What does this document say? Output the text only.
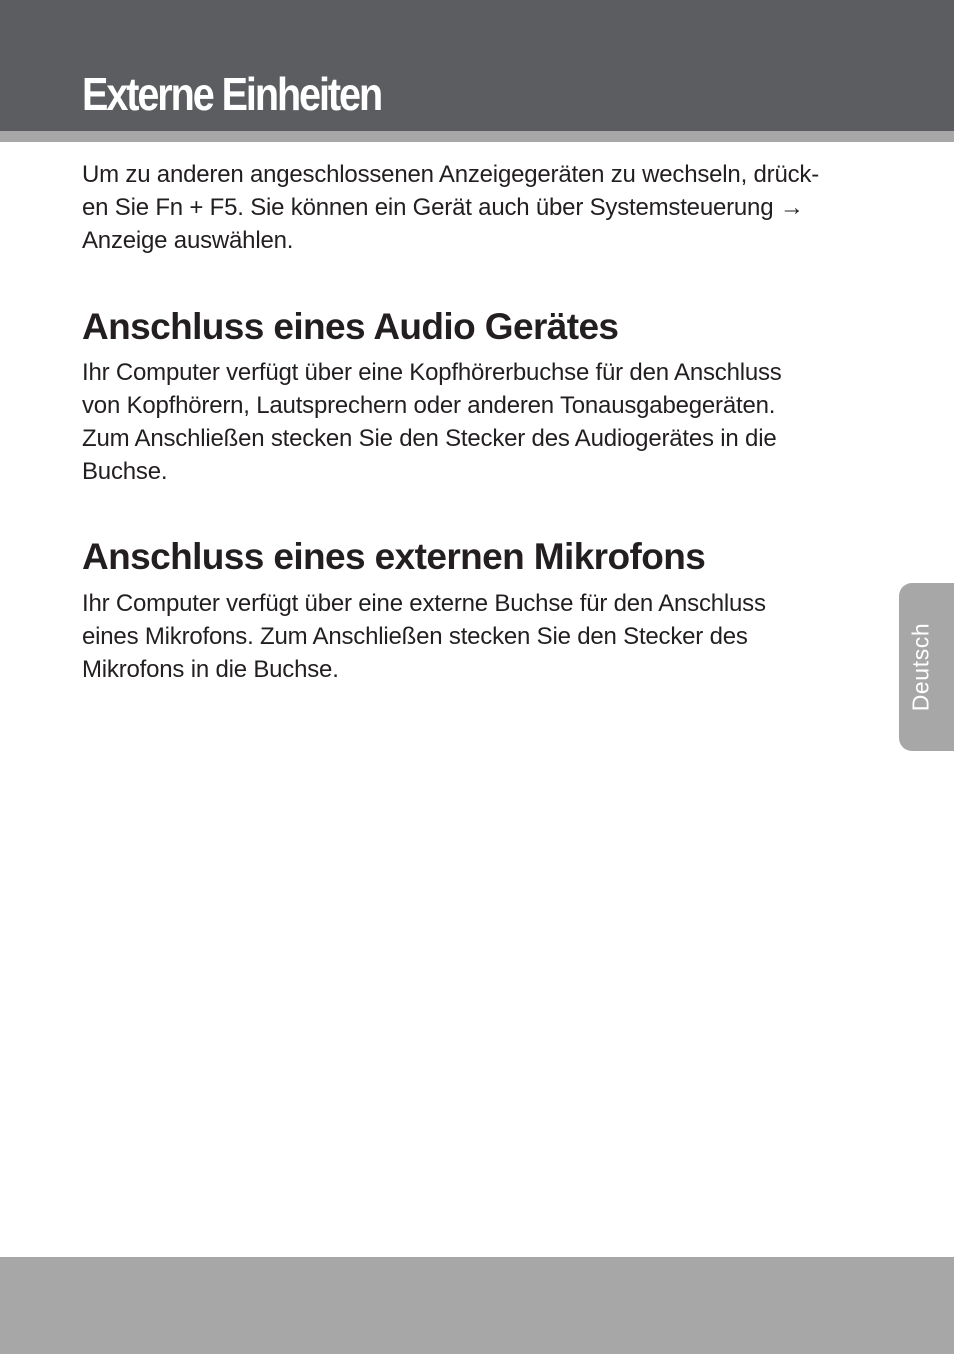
Externe Einheiten

Um zu anderen angeschlossenen Anzeigegeräten zu wechseln, drück-
en Sie Fn + F5. Sie können ein Gerät auch über Systemsteuerung →
Anzeige auswählen.

Anschluss eines Audio Gerätes

Ihr Computer verfügt über eine Kopfhörerbuchse für den Anschluss
von Kopfhörern, Lautsprechern oder anderen Tonausgabegeräten.
Zum Anschließen stecken Sie den Stecker des Audiogerätes in die
Buchse.

Anschluss eines externen Mikrofons

Ihr Computer verfügt über eine externe Buchse für den Anschluss
eines Mikrofons. Zum Anschließen stecken Sie den Stecker des
Mikrofons in die Buchse.	Deutsch
